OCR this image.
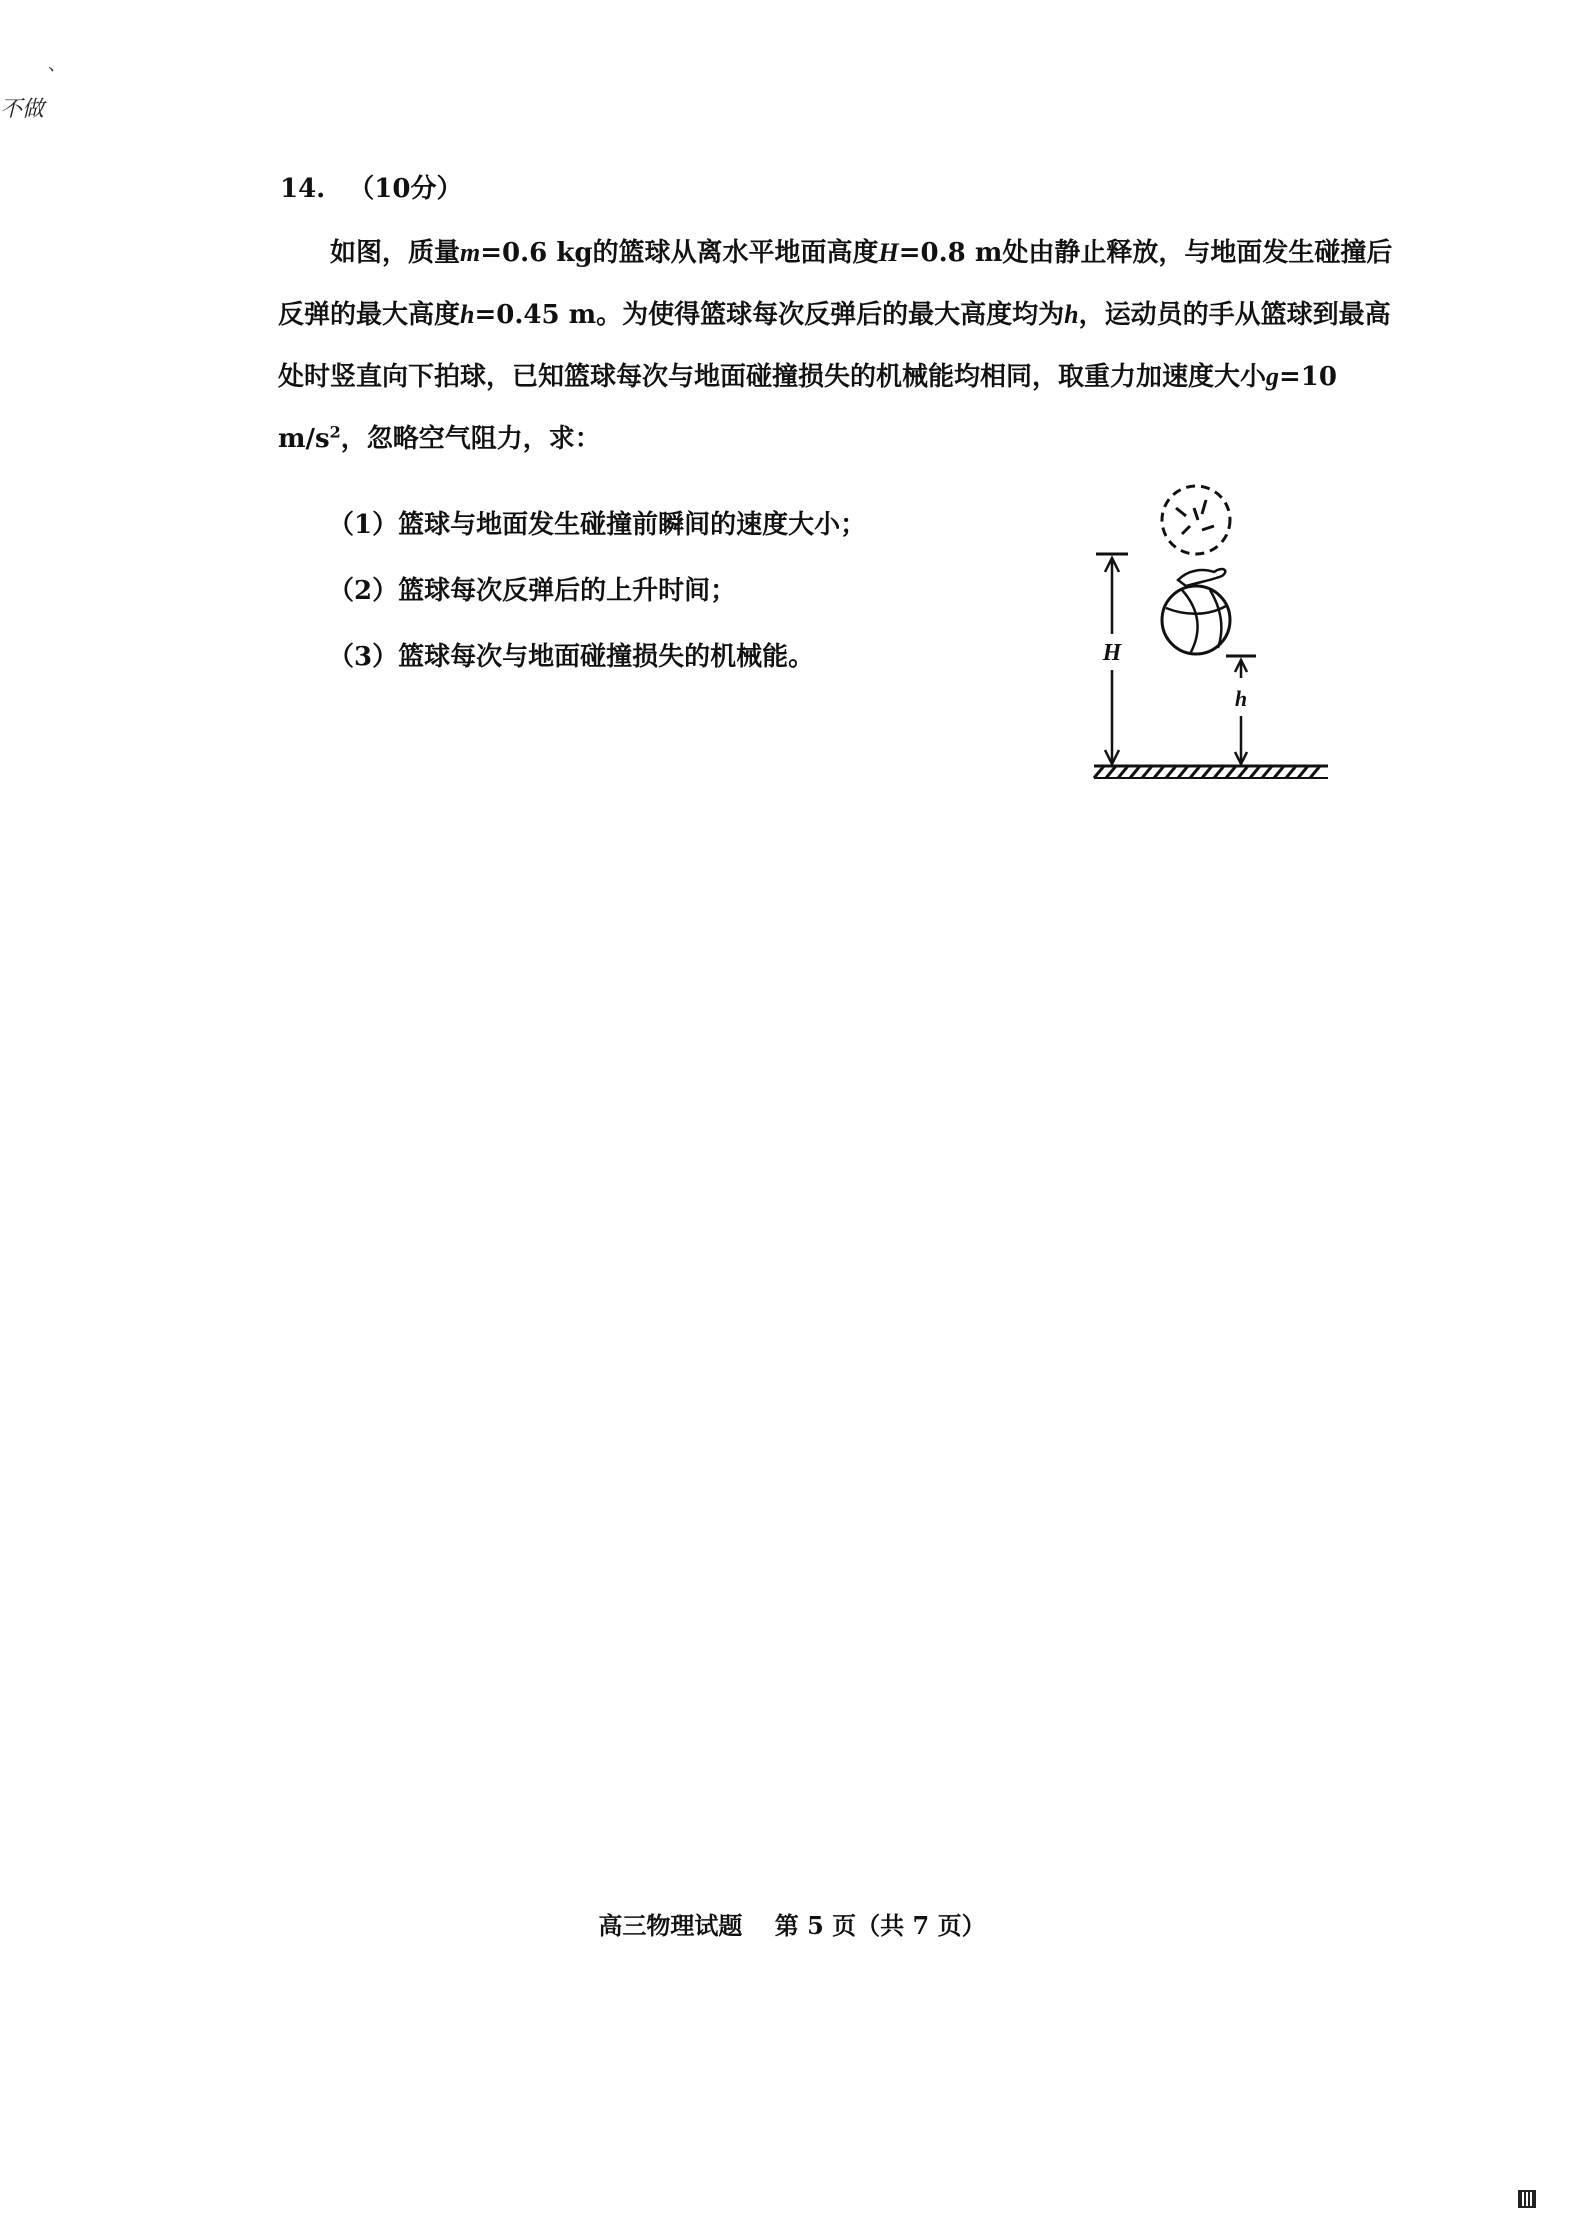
、
不做
14. （10分）
如图，质量m=0.6 kg的篮球从离水平地面高度H=0.8 m处由静止释放，与地面发生碰撞后反弹的最大高度h=0.45 m。为使得篮球每次反弹后的最大高度均为h，运动员的手从篮球到最高处时竖直向下拍球，已知篮球每次与地面碰撞损失的机械能均相同，取重力加速度大小g=10 $m/s^2$，忽略空气阻力，求：
（1）篮球与地面发生碰撞前瞬间的速度大小；
（2）篮球每次反弹后的上升时间；
（3）篮球每次与地面碰撞损失的机械能。	H
h
高三物理试题 第 5 页（共 7 页）
